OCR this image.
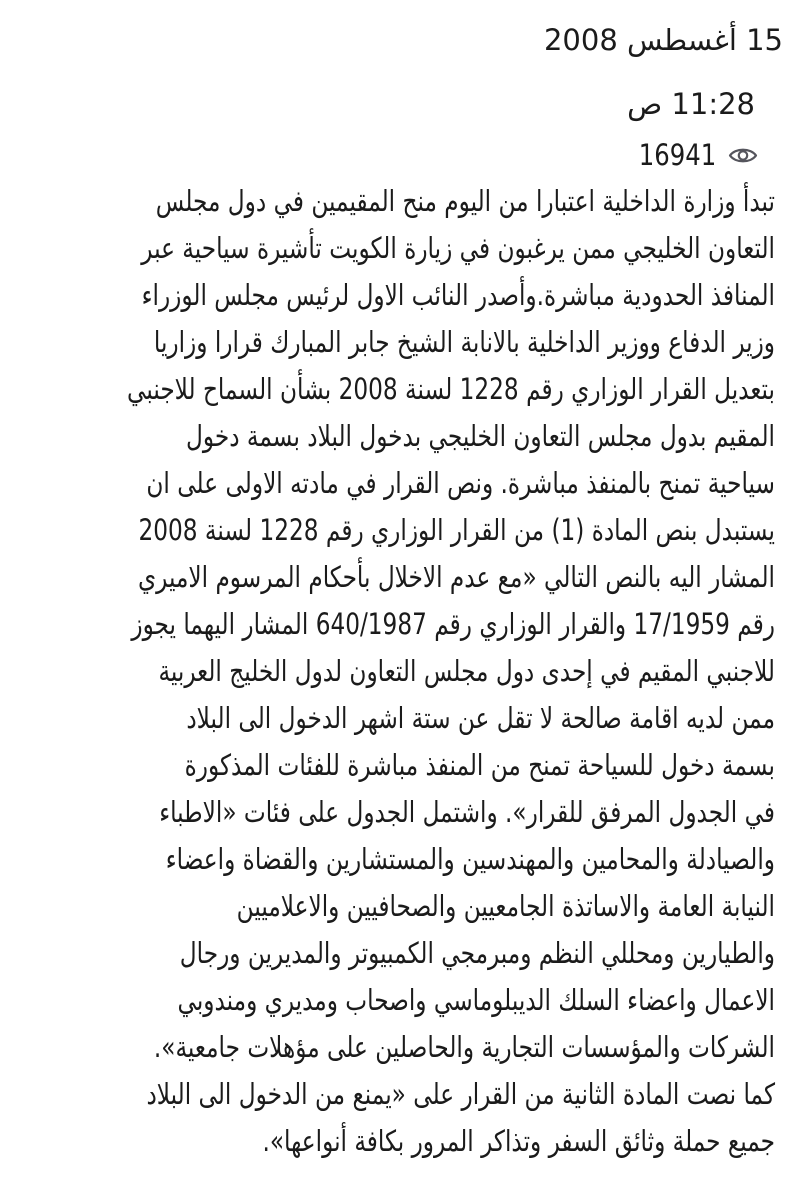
15 أغسطس 2008
11:28 ص
16941
تبدأ وزارة الداخلية اعتبارا من اليوم منح المقيمين في دول مجلس
التعاون الخليجي ممن يرغبون في زيارة الكويت تأشيرة سياحية عبر
المنافذ الحدودية مباشرة.وأصدر النائب الاول لرئيس مجلس الوزراء
وزير الدفاع ووزير الداخلية بالانابة الشيخ جابر المبارك قرارا وزاريا
بتعديل القرار الوزاري رقم 1228 لسنة 2008 بشأن السماح للاجنبي
المقيم بدول مجلس التعاون الخليجي بدخول البلاد بسمة دخول
سياحية تمنح بالمنفذ مباشرة. ونص القرار في مادته الاولى على ان
يستبدل بنص المادة (1) من القرار الوزاري رقم 1228 لسنة 2008
المشار اليه بالنص التالي «مع عدم الاخلال بأحكام المرسوم الاميري
رقم 17/1959 والقرار الوزاري رقم 640/1987 المشار اليهما يجوز
للاجنبي المقيم في إحدى دول مجلس التعاون لدول الخليج العربية
ممن لديه اقامة صالحة لا تقل عن ستة اشهر الدخول الى البلاد
بسمة دخول للسياحة تمنح من المنفذ مباشرة للفئات المذكورة
في الجدول المرفق للقرار». واشتمل الجدول على فئات «الاطباء
والصيادلة والمحامين والمهندسين والمستشارين والقضاة واعضاء
النيابة العامة والاساتذة الجامعيين والصحافيين والاعلاميين
والطيارين ومحللي النظم ومبرمجي الكمبيوتر والمديرين ورجال
الاعمال واعضاء السلك الديبلوماسي واصحاب ومديري ومندوبي
الشركات والمؤسسات التجارية والحاصلين على مؤهلات جامعية».
كما نصت المادة الثانية من القرار على «يمنع من الدخول الى البلاد
جميع حملة وثائق السفر وتذاكر المرور بكافة أنواعها».
